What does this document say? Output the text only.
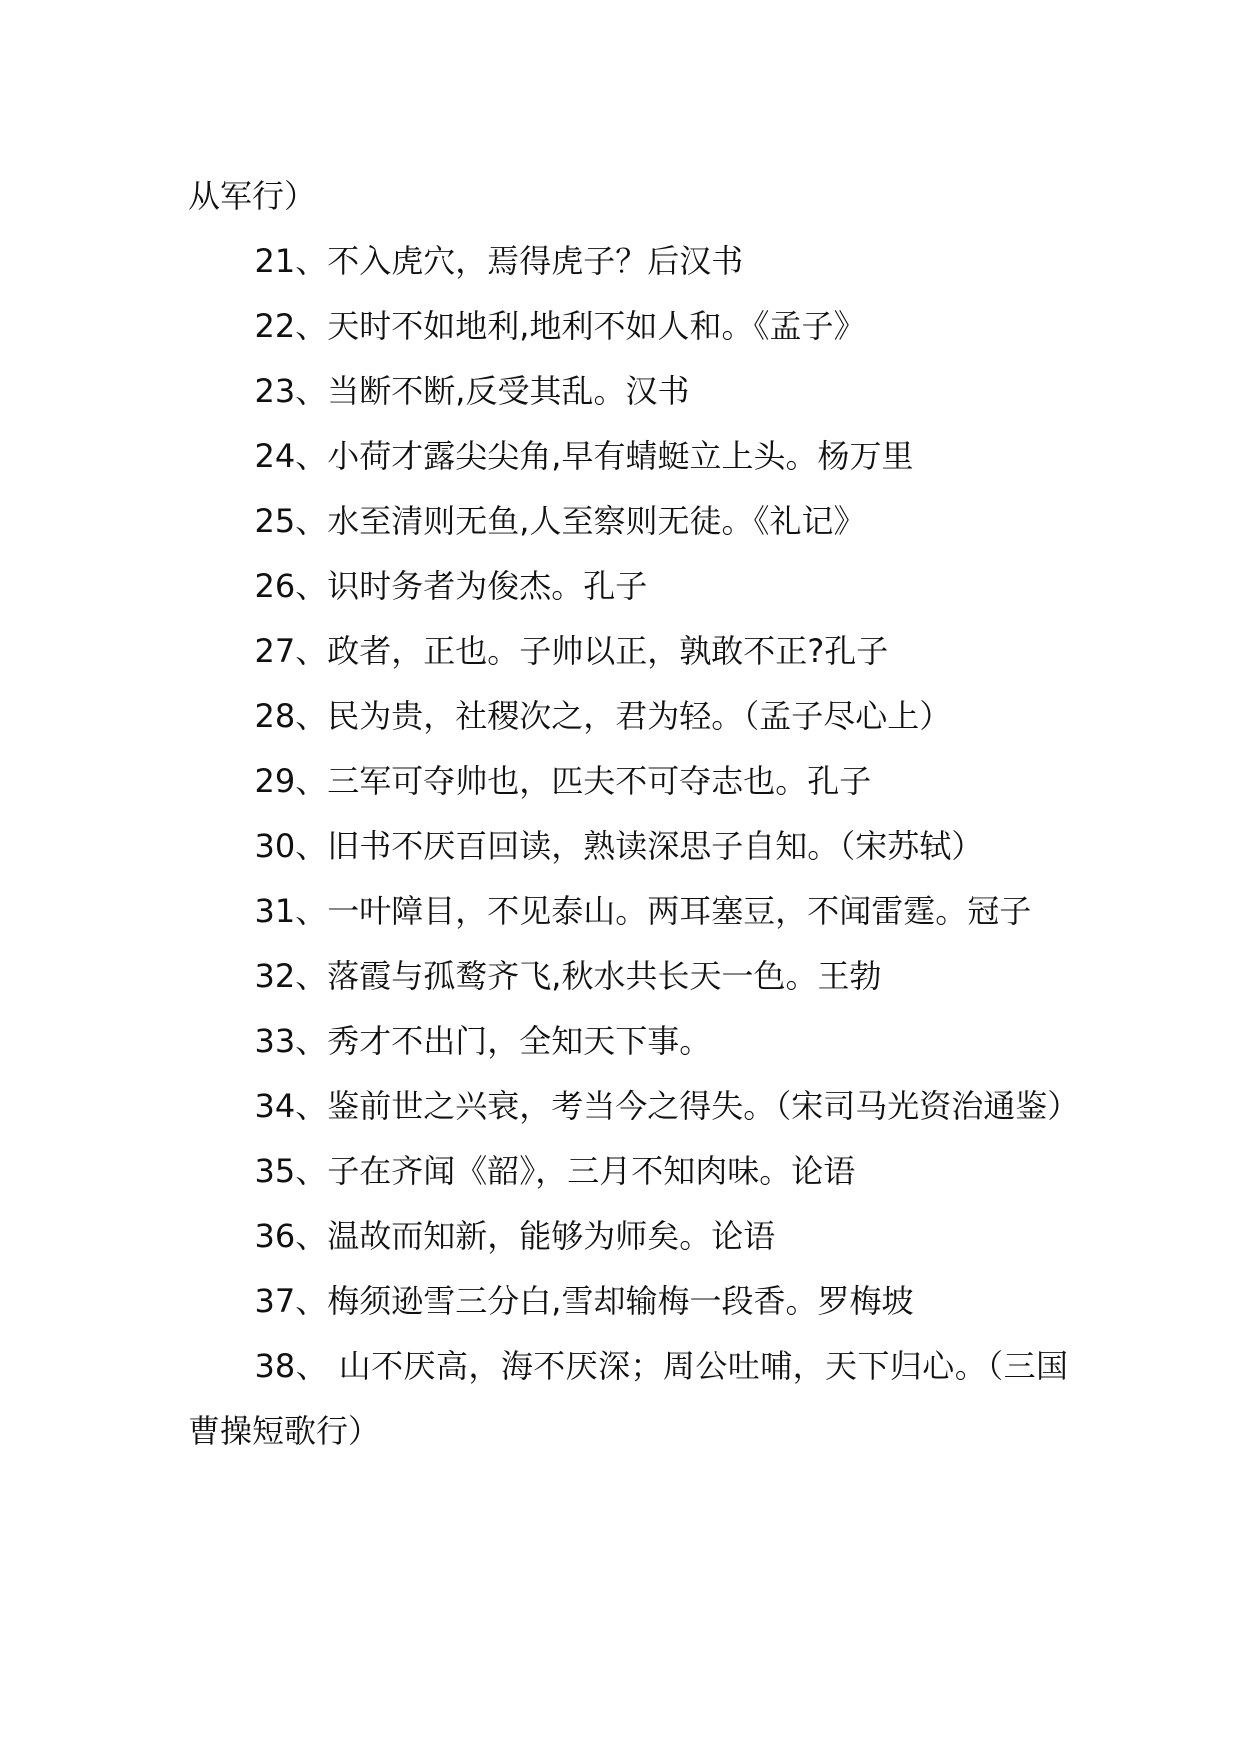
从军行）

21、不入虎穴，焉得虎子？后汉书

22、天时不如地利,地利不如人和。《孟子》

23、当断不断,反受其乱。汉书

24、小荷才露尖尖角,早有蜻蜓立上头。杨万里

25、水至清则无鱼,人至察则无徒。《礼记》

26、识时务者为俊杰。孔子

27、政者，正也。子帅以正，孰敢不正?孔子

28、民为贵，社稷次之，君为轻。（孟子尽心上）

29、三军可夺帅也，匹夫不可夺志也。孔子

30、旧书不厌百回读，熟读深思子自知。（宋苏轼）

31、一叶障目，不见泰山。两耳塞豆，不闻雷霆。冠子

32、落霞与孤鹜齐飞,秋水共长天一色。王勃

33、秀才不出门，全知天下事。

34、鉴前世之兴衰，考当今之得失。（宋司马光资治通鉴）

35、子在齐闻《韶》，三月不知肉味。论语

36、温故而知新，能够为师矣。论语

37、梅须逊雪三分白,雪却输梅一段香。罗梅坡

38、 山不厌高，海不厌深；周公吐哺，天下归心。（三国曹操短歌行）
